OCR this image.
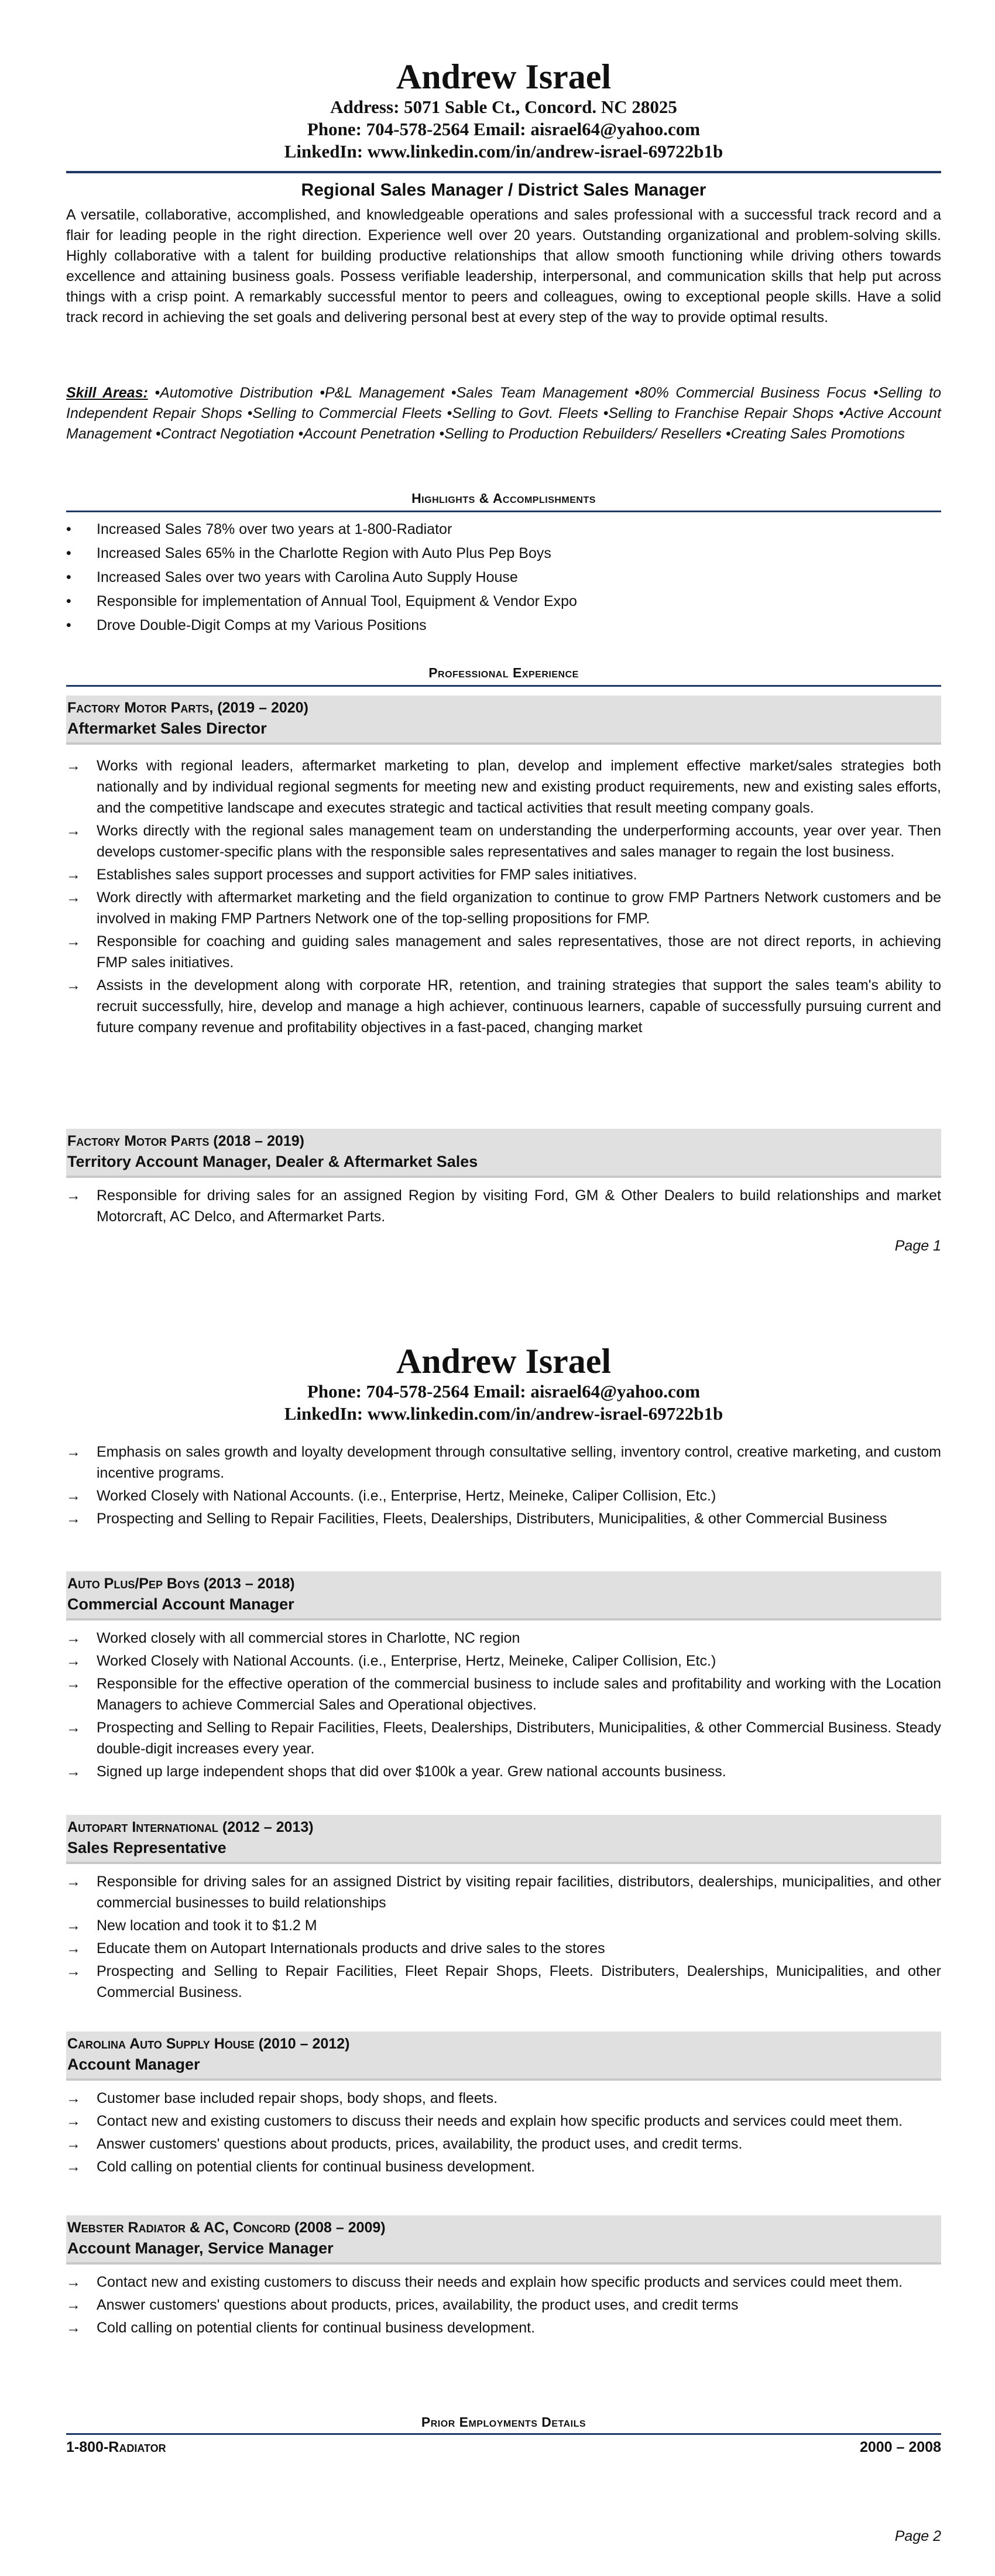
Andrew Israel
Address: 5071 Sable Ct., Concord. NC 28025
Phone: 704-578-2564 Email: aisrael64@yahoo.com
LinkedIn: www.linkedin.com/in/andrew-israel-69722b1b
Regional Sales Manager / District Sales Manager

A versatile, collaborative, accomplished, and knowledgeable operations and sales professional with a successful track record and a flair for leading people in the right direction. Experience well over 20 years. Outstanding organizational and problem-solving skills. Highly collaborative with a talent for building productive relationships that allow smooth functioning while driving others towards excellence and attaining business goals. Possess verifiable leadership, interpersonal, and communication skills that help put across things with a crisp point. A remarkably successful mentor to peers and colleagues, owing to exceptional people skills. Have a solid track record in achieving the set goals and delivering personal best at every step of the way to provide optimal results.

Skill Areas: •Automotive Distribution •P&L Management •Sales Team Management •80% Commercial Business Focus •Selling to Independent Repair Shops •Selling to Commercial Fleets •Selling to Govt. Fleets •Selling to Franchise Repair Shops •Active Account Management •Contract Negotiation •Account Penetration •Selling to Production Rebuilders/ Resellers •Creating Sales Promotions

Highlights & Accomplishments
• Increased Sales 78% over two years at 1-800-Radiator
• Increased Sales 65% in the Charlotte Region with Auto Plus Pep Boys
• Increased Sales over two years with Carolina Auto Supply House
• Responsible for implementation of Annual Tool, Equipment & Vendor Expo
• Drove Double-Digit Comps at my Various Positions
Professional Experience
Factory Motor Parts, (2019 – 2020)
Aftermarket Sales Director
→ Works with regional leaders, aftermarket marketing to plan, develop and implement effective market/sales strategies both nationally and by individual regional segments for meeting new and existing product requirements, new and existing sales efforts, and the competitive landscape and executes strategic and tactical activities that result meeting company goals.
→ Works directly with the regional sales management team on understanding the underperforming accounts, year over year. Then develops customer-specific plans with the responsible sales representatives and sales manager to regain the lost business.
→ Establishes sales support processes and support activities for FMP sales initiatives.
→ Work directly with aftermarket marketing and the field organization to continue to grow FMP Partners Network customers and be involved in making FMP Partners Network one of the top-selling propositions for FMP.
→ Responsible for coaching and guiding sales management and sales representatives, those are not direct reports, in achieving FMP sales initiatives.
→ Assists in the development along with corporate HR, retention, and training strategies that support the sales team's ability to recruit successfully, hire, develop and manage a high achiever, continuous learners, capable of successfully pursuing current and future company revenue and profitability objectives in a fast-paced, changing market
Factory Motor Parts (2018 – 2019)
Territory Account Manager, Dealer & Aftermarket Sales
→ Responsible for driving sales for an assigned Region by visiting Ford, GM & Other Dealers to build relationships and market Motorcraft, AC Delco, and Aftermarket Parts.
Page 1
Andrew Israel
Phone: 704-578-2564 Email: aisrael64@yahoo.com
LinkedIn: www.linkedin.com/in/andrew-israel-69722b1b
→ Emphasis on sales growth and loyalty development through consultative selling, inventory control, creative marketing, and custom incentive programs.
→ Worked Closely with National Accounts. (i.e., Enterprise, Hertz, Meineke, Caliper Collision, Etc.)
→ Prospecting and Selling to Repair Facilities, Fleets, Dealerships, Distributers, Municipalities, & other Commercial Business
Auto Plus/Pep Boys (2013 – 2018)
Commercial Account Manager
→ Worked closely with all commercial stores in Charlotte, NC region
→ Worked Closely with National Accounts. (i.e., Enterprise, Hertz, Meineke, Caliper Collision, Etc.)
→ Responsible for the effective operation of the commercial business to include sales and profitability and working with the Location Managers to achieve Commercial Sales and Operational objectives.
→ Prospecting and Selling to Repair Facilities, Fleets, Dealerships, Distributers, Municipalities, & other Commercial Business. Steady double-digit increases every year.
→ Signed up large independent shops that did over $100k a year. Grew national accounts business.
Autopart International (2012 – 2013)
Sales Representative
→ Responsible for driving sales for an assigned District by visiting repair facilities, distributors, dealerships, municipalities, and other commercial businesses to build relationships
→ New location and took it to $1.2 M
→ Educate them on Autopart Internationals products and drive sales to the stores
→ Prospecting and Selling to Repair Facilities, Fleet Repair Shops, Fleets. Distributers, Dealerships, Municipalities, and other Commercial Business.
Carolina Auto Supply House (2010 – 2012)
Account Manager
→ Customer base included repair shops, body shops, and fleets.
→ Contact new and existing customers to discuss their needs and explain how specific products and services could meet them.
→ Answer customers' questions about products, prices, availability, the product uses, and credit terms.
→ Cold calling on potential clients for continual business development.
Webster Radiator & AC, Concord (2008 – 2009)
Account Manager, Service Manager
→ Contact new and existing customers to discuss their needs and explain how specific products and services could meet them.
→ Answer customers' questions about products, prices, availability, the product uses, and credit terms
→ Cold calling on potential clients for continual business development.
Prior Employments Details
1-800-Radiator	2000 – 2008
Page 2
